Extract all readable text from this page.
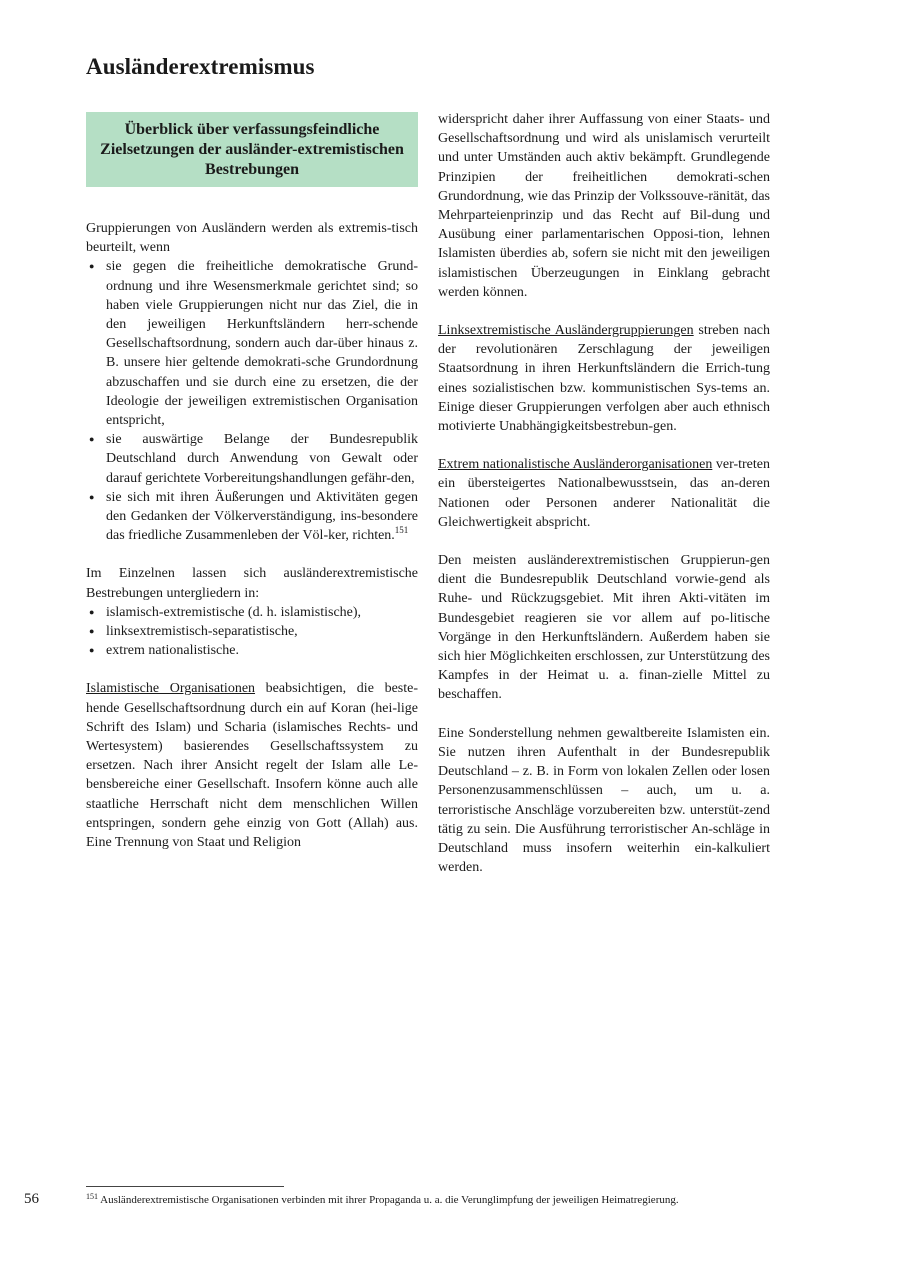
Ausländerextremismus
Überblick über verfassungsfeindliche Zielsetzungen der ausländer-extremistischen Bestrebungen

Gruppierungen von Ausländern werden als extremis-tisch beurteilt, wenn

● sie gegen die freiheitliche demokratische Grund-ordnung und ihre Wesensmerkmale gerichtet sind; so haben viele Gruppierungen nicht nur das Ziel, die in den jeweiligen Herkunftsländern herr-schende Gesellschaftsordnung, sondern auch dar-über hinaus z. B. unsere hier geltende demokrati-sche Grundordnung abzuschaffen und sie durch eine zu ersetzen, die der Ideologie der jeweiligen extremistischen Organisation entspricht,
● sie auswärtige Belange der Bundesrepublik Deutschland durch Anwendung von Gewalt oder darauf gerichtete Vorbereitungshandlungen gefähr-den,
● sie sich mit ihren Äußerungen und Aktivitäten gegen den Gedanken der Völkerverständigung, ins-besondere das friedliche Zusammenleben der Völ-ker, richten.$^{151}$

Im Einzelnen lassen sich ausländerextremistische Bestrebungen untergliedern in:

● islamisch-extremistische (d. h. islamistische),
● linksextremistisch-separatistische,
● extrem nationalistische.

Islamistische Organisationen beabsichtigen, die beste-hende Gesellschaftsordnung durch ein auf Koran (hei-lige Schrift des Islam) und Scharia (islamisches Rechts- und Wertesystem) basierendes Gesellschaftssystem zu ersetzen. Nach ihrer Ansicht regelt der Islam alle Le-bensbereiche einer Gesellschaft. Insofern könne auch alle staatliche Herrschaft nicht dem menschlichen Willen entspringen, sondern gehe einzig von Gott (Allah) aus. Eine Trennung von Staat und Religion

widerspricht daher ihrer Auffassung von einer Staats- und Gesellschaftsordnung und wird als unislamisch verurteilt und unter Umständen auch aktiv bekämpft. Grundlegende Prinzipien der freiheitlichen demokrati-schen Grundordnung, wie das Prinzip der Volkssouve-ränität, das Mehrparteienprinzip und das Recht auf Bil-dung und Ausübung einer parlamentarischen Opposi-tion, lehnen Islamisten überdies ab, sofern sie nicht mit den jeweiligen islamistischen Überzeugungen in Einklang gebracht werden können.

Linksextremistische Ausländergruppierungen streben nach der revolutionären Zerschlagung der jeweiligen Staatsordnung in ihren Herkunftsländern die Errich-tung eines sozialistischen bzw. kommunistischen Sys-tems an. Einige dieser Gruppierungen verfolgen aber auch ethnisch motivierte Unabhängigkeitsbestrebun-gen.

Extrem nationalistische Ausländerorganisationen ver-treten ein übersteigertes Nationalbewusstsein, das an-deren Nationen oder Personen anderer Nationalität die Gleichwertigkeit abspricht.

Den meisten ausländerextremistischen Gruppierun-gen dient die Bundesrepublik Deutschland vorwie-gend als Ruhe- und Rückzugsgebiet. Mit ihren Akti-vitäten im Bundesgebiet reagieren sie vor allem auf po-litische Vorgänge in den Herkunftsländern. Außerdem haben sie sich hier Möglichkeiten erschlossen, zur Unterstützung des Kampfes in der Heimat u. a. finan-zielle Mittel zu beschaffen.

Eine Sonderstellung nehmen gewaltbereite Islamisten ein. Sie nutzen ihren Aufenthalt in der Bundesrepublik Deutschland – z. B. in Form von lokalen Zellen oder losen Personenzusammenschlüssen – auch, um u. a. terroristische Anschläge vorzubereiten bzw. unterstüt-zend tätig zu sein. Die Ausführung terroristischer An-schläge in Deutschland muss insofern weiterhin ein-kalkuliert werden.

56	$^{151}$ Ausländerextremistische Organisationen verbinden mit ihrer Propaganda u. a. die Verunglimpfung der jeweiligen Heimatregierung.
